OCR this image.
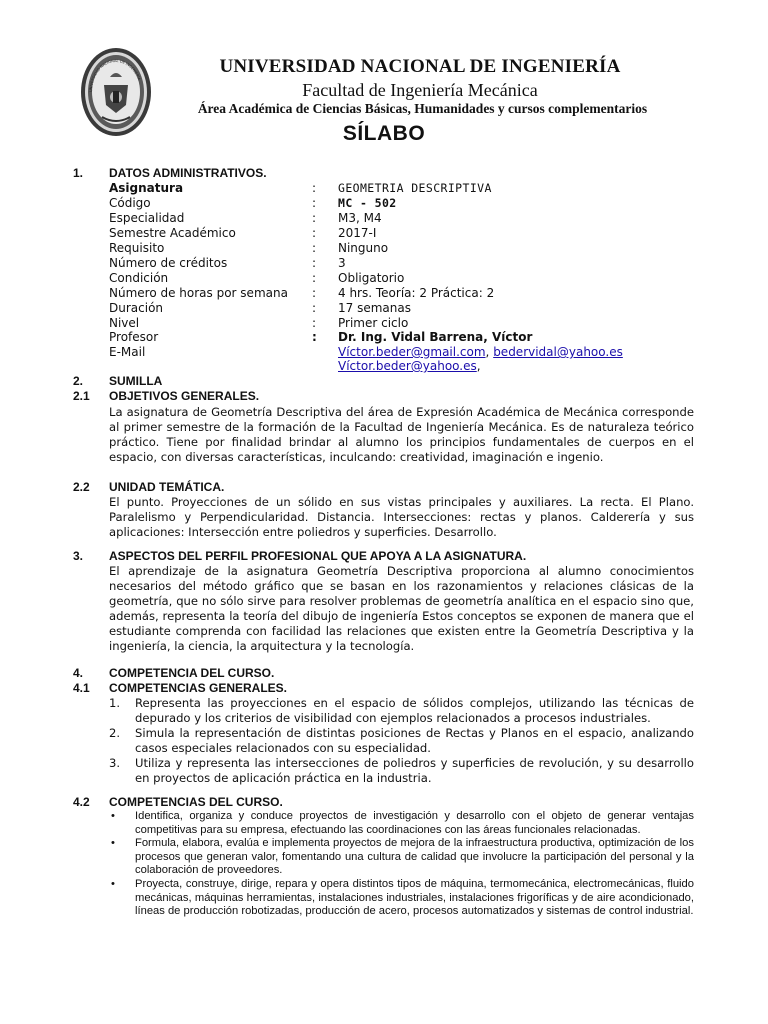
UNIVERSIDAD NACIONAL DE INGENIERÍA
UNIVERSIDAD NACIONAL DE INGENIERÍA
Facultad de Ingeniería Mecánica
Área Académica de Ciencias Básicas, Humanidades y cursos complementarios
SÍLABO
1. DATOS ADMINISTRATIVOS.
Asignatura	: GEOMETRIA DESCRIPTIVA
Código	: MC - 502
Especialidad	: M3, M4
Semestre Académico	: 2017-I
Requisito	: Ninguno
Número de créditos	: 3
Condición	: Obligatorio
Número de horas por semana : 4 hrs. Teoría: 2 Práctica: 2
Duración	: 17 semanas
Nivel	: Primer ciclo
Profesor	: Dr. Ing. Vidal Barrena, Víctor
E-Mail	Víctor.beder@gmail.com, bedervidal@yahoo.es
Víctor.beder@yahoo.es,
2. SUMILLA
2.1 OBJETIVOS GENERALES.
La asignatura de Geometría Descriptiva del área de Expresión Académica de Mecánica corresponde al primer semestre de la formación de la Facultad de Ingeniería Mecánica. Es de naturaleza teórico práctico. Tiene por finalidad brindar al alumno los principios fundamentales de cuerpos en el espacio, con diversas características, inculcando: creatividad, imaginación e ingenio.
2.2 UNIDAD TEMÁTICA.
El punto. Proyecciones de un sólido en sus vistas principales y auxiliares. La recta. El Plano. Paralelismo y Perpendicularidad. Distancia. Intersecciones: rectas y planos. Calderería y sus aplicaciones: Intersección entre poliedros y superficies. Desarrollo.
3. ASPECTOS DEL PERFIL PROFESIONAL QUE APOYA A LA ASIGNATURA.
El aprendizaje de la asignatura Geometría Descriptiva proporciona al alumno conocimientos necesarios del método gráfico que se basan en los razonamientos y relaciones clásicas de la geometría, que no sólo sirve para resolver problemas de geometría analítica en el espacio sino que, además, representa la teoría del dibujo de ingeniería Estos conceptos se exponen de manera que el estudiante comprenda con facilidad las relaciones que existen entre la Geometría Descriptiva y la ingeniería, la ciencia, la arquitectura y la tecnología.
4. COMPETENCIA DEL CURSO.
4.1 COMPETENCIAS GENERALES.
1. Representa las proyecciones en el espacio de sólidos complejos, utilizando las técnicas de depurado y los criterios de visibilidad con ejemplos relacionados a procesos industriales.
2. Simula la representación de distintas posiciones de Rectas y Planos en el espacio, analizando casos especiales relacionados con su especialidad.
3. Utiliza y representa las intersecciones de poliedros y superficies de revolución, y su desarrollo en proyectos de aplicación práctica en la industria.
4.2 COMPETENCIAS DEL CURSO.
• Identifica, organiza y conduce proyectos de investigación y desarrollo con el objeto de generar ventajas competitivas para su empresa, efectuando las coordinaciones con las áreas funcionales relacionadas.
• Formula, elabora, evalúa e implementa proyectos de mejora de la infraestructura productiva, optimización de los procesos que generan valor, fomentando una cultura de calidad que involucre la participación del personal y la colaboración de proveedores.
• Proyecta, construye, dirige, repara y opera distintos tipos de máquina, termomecánica, electromecánicas, fluido mecánicas, máquinas herramientas, instalaciones industriales, instalaciones frigoríficas y de aire acondicionado, líneas de producción robotizadas, producción de acero, procesos automatizados y sistemas de control industrial.
